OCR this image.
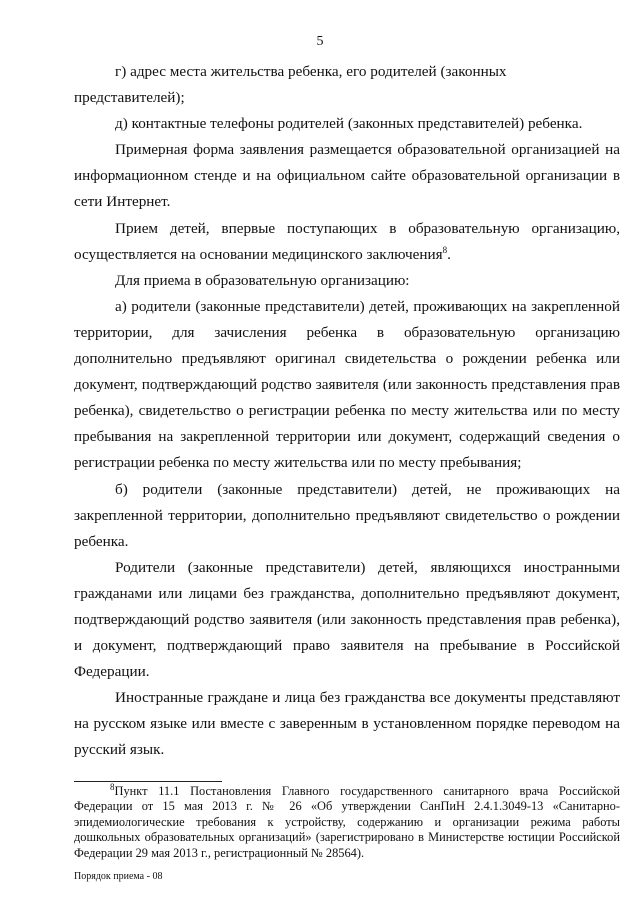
5

г) адрес места жительства ребенка, его родителей (законных представителей);

д) контактные телефоны родителей (законных представителей) ребенка.

Примерная форма заявления размещается образовательной организацией на информационном стенде и на официальном сайте образовательной организации в сети Интернет.

Прием детей, впервые поступающих в образовательную организацию, осуществляется на основании медицинского заключения$^8$.

Для приема в образовательную организацию:

а) родители (законные представители) детей, проживающих на закрепленной территории, для зачисления ребенка в образовательную организацию дополнительно предъявляют оригинал свидетельства о рождении ребенка или документ, подтверждающий родство заявителя (или законность представления прав ребенка), свидетельство о регистрации ребенка по месту жительства или по месту пребывания на закрепленной территории или документ, содержащий сведения о регистрации ребенка по месту жительства или по месту пребывания;

б) родители (законные представители) детей, не проживающих на закрепленной территории, дополнительно предъявляют свидетельство о рождении ребенка.

Родители (законные представители) детей, являющихся иностранными гражданами или лицами без гражданства, дополнительно предъявляют документ, подтверждающий родство заявителя (или законность представления прав ребенка), и документ, подтверждающий право заявителя на пребывание в Российской Федерации.

Иностранные граждане и лица без гражданства все документы представляют на русском языке или вместе с заверенным в установленном порядке переводом на русский язык.

$^8$Пункт 11.1 Постановления Главного государственного санитарного врача Российской Федерации от 15 мая 2013 г. № 26 «Об утверждении СанПиН 2.4.1.3049-13 «Санитарно-эпидемиологические требования к устройству, содержанию и организации режима работы дошкольных образовательных организаций» (зарегистрировано в Министерстве юстиции Российской Федерации 29 мая 2013 г., регистрационный № 28564).

Порядок приема - 08
